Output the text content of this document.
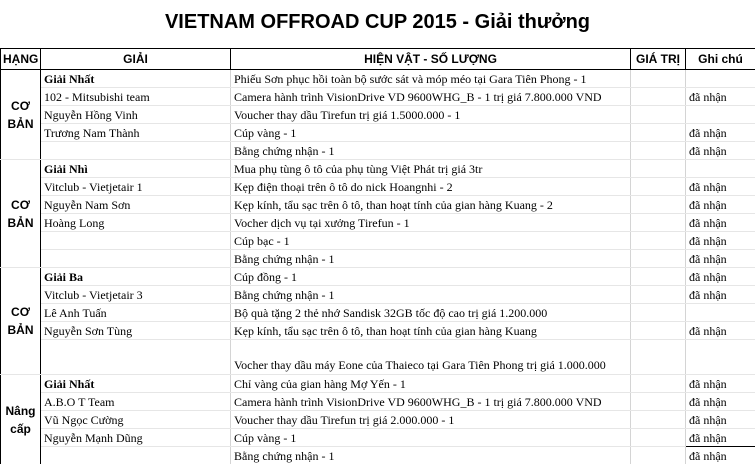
VIETNAM OFFROAD CUP 2015 - Giải thưởng
HẠNG	GIẢI	HIỆN VẬT - SỐ LƯỢNG	GIÁ TRỊ	Ghi chú
CƠ BẢN	Giải Nhất	Phiếu Sơn phục hồi toàn bộ sước sát và móp méo tại Gara Tiên Phong - 1		
	102 - Mitsubishi team	Camera hành trình VisionDrive VD 9600WHG_B - 1 trị giá 7.800.000 VND		đã nhận
	Nguyễn Hồng Vinh	Voucher thay dầu Tirefun trị giá 1.5000.000 - 1		
	Trương Nam Thành	Cúp vàng - 1		đã nhận
		Bằng chứng nhận - 1		đã nhận
CƠ BẢN	Giải Nhì	Mua phụ tùng ô tô của phụ tùng Việt Phát trị giá 3tr		
	Vitclub - Vietjetair 1	Kẹp điện thoại trên ô tô do nick Hoangnhi - 2		đã nhận
	Nguyễn Nam Sơn	Kẹp kính, tẩu sạc trên ô tô, than hoạt tính của gian hàng Kuang - 2		đã nhận
	Hoàng Long	Vocher dịch vụ tại xưởng Tirefun - 1		đã nhận
		Cúp bạc - 1		đã nhận
		Bằng chứng nhận - 1		đã nhận
CƠ BẢN	Giải Ba	Cúp đồng - 1		đã nhận
	Vitclub - Vietjetair 3	Bằng chứng nhận - 1		đã nhận
	Lê Anh Tuấn	Bộ quà tặng 2 thẻ nhớ Sandisk 32GB tốc độ cao trị giá 1.200.000		
	Nguyễn Sơn Tùng	Kẹp kính, tẩu sạc trên ô tô, than hoạt tính của gian hàng Kuang		đã nhận
		Vocher thay dầu máy Eone của Thaieco tại Gara Tiên Phong trị giá 1.000.000		
Nâng cấp	Giải Nhất	Chỉ vàng của gian hàng Mợ Yến - 1		đã nhận
	A.B.O T Team	Camera hành trình VisionDrive VD 9600WHG_B - 1 trị giá 7.800.000 VND		đã nhận
	Vũ Ngọc Cường	Voucher thay dầu Tirefun trị giá 2.000.000 - 1		đã nhận
	Nguyễn Mạnh Dũng	Cúp vàng - 1		đã nhận
		Bằng chứng nhận - 1		đã nhận
